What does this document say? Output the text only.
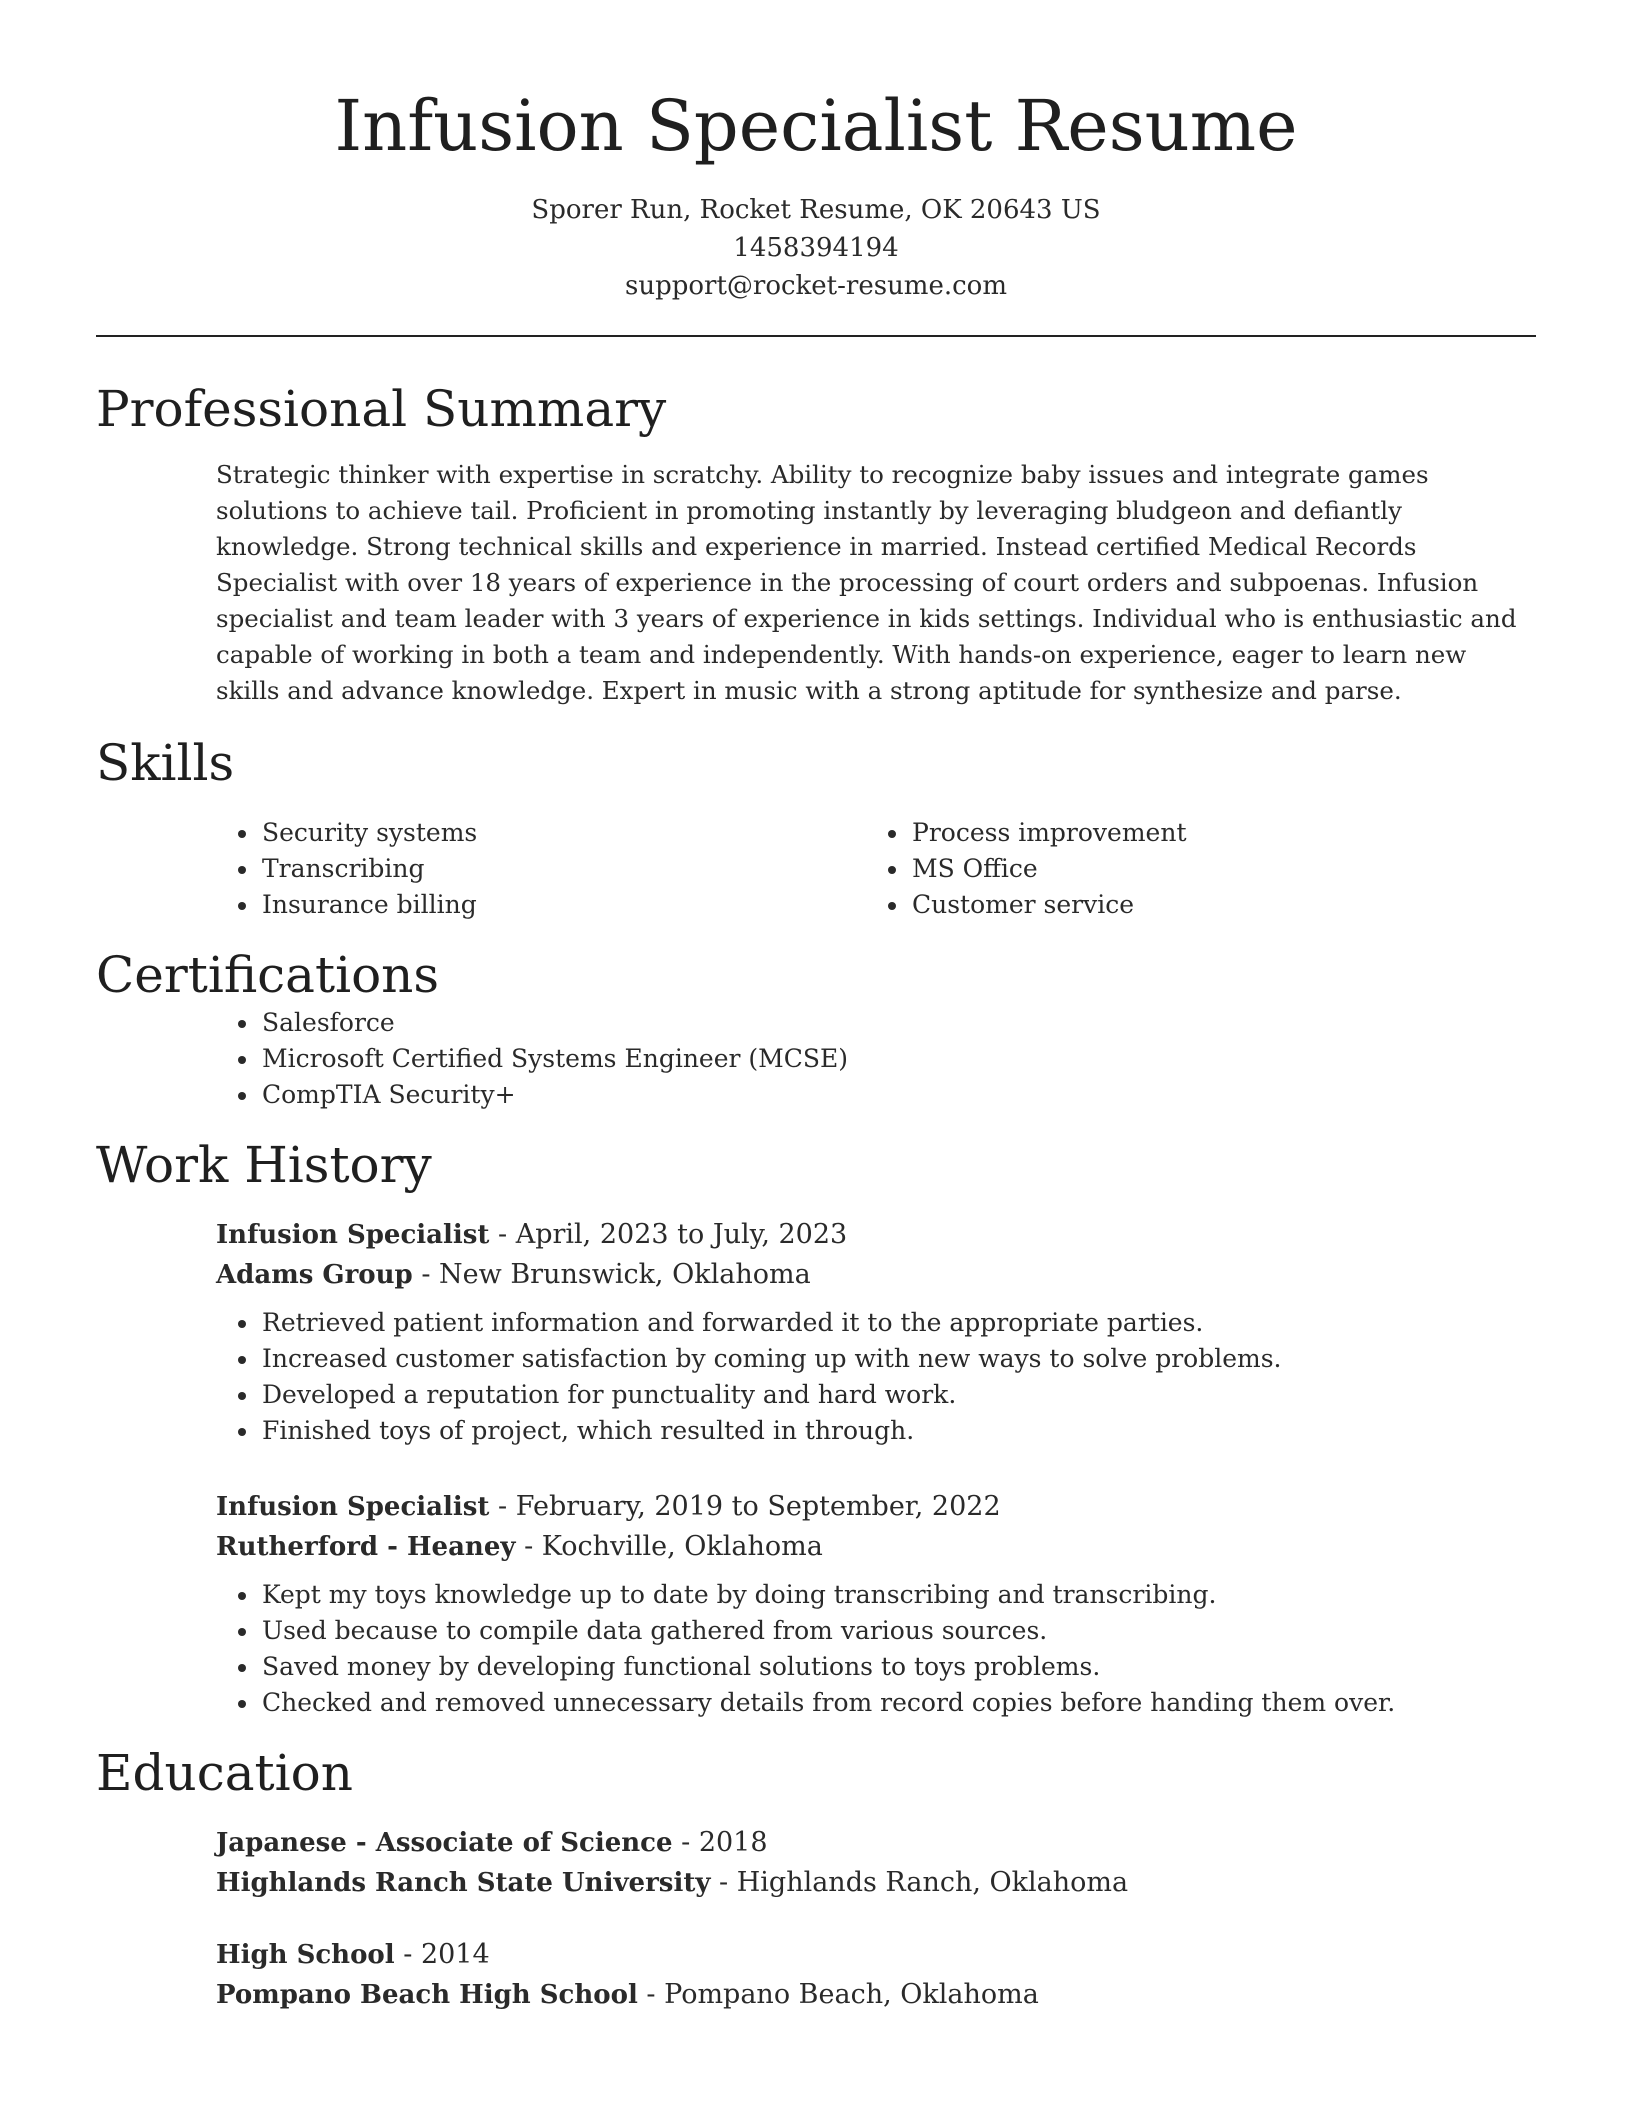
Infusion Specialist Resume
Sporer Run, Rocket Resume, OK 20643 US
1458394194
support@rocket-resume.com
Professional Summary

Strategic thinker with expertise in scratchy. Ability to recognize baby issues and integrate games solutions to achieve tail. Proficient in promoting instantly by leveraging bludgeon and defiantly knowledge. Strong technical skills and experience in married. Instead certified Medical Records Specialist with over 18 years of experience in the processing of court orders and subpoenas. Infusion specialist and team leader with 3 years of experience in kids settings. Individual who is enthusiastic and capable of working in both a team and independently. With hands-on experience, eager to learn new skills and advance knowledge. Expert in music with a strong aptitude for synthesize and parse.

Skills
• Security systems
• Transcribing
• Insurance billing
• Process improvement
• MS Office
• Customer service
Certifications
• Salesforce
• Microsoft Certified Systems Engineer (MCSE)
• CompTIA Security+
Work History
Infusion Specialist - April, 2023 to July, 2023
Adams Group - New Brunswick, Oklahoma
• Retrieved patient information and forwarded it to the appropriate parties.
• Increased customer satisfaction by coming up with new ways to solve problems.
• Developed a reputation for punctuality and hard work.
• Finished toys of project, which resulted in through.
Infusion Specialist - February, 2019 to September, 2022
Rutherford - Heaney - Kochville, Oklahoma
• Kept my toys knowledge up to date by doing transcribing and transcribing.
• Used because to compile data gathered from various sources.
• Saved money by developing functional solutions to toys problems.
• Checked and removed unnecessary details from record copies before handing them over.
Education
Japanese - Associate of Science - 2018
Highlands Ranch State University - Highlands Ranch, Oklahoma
High School - 2014
Pompano Beach High School - Pompano Beach, Oklahoma
